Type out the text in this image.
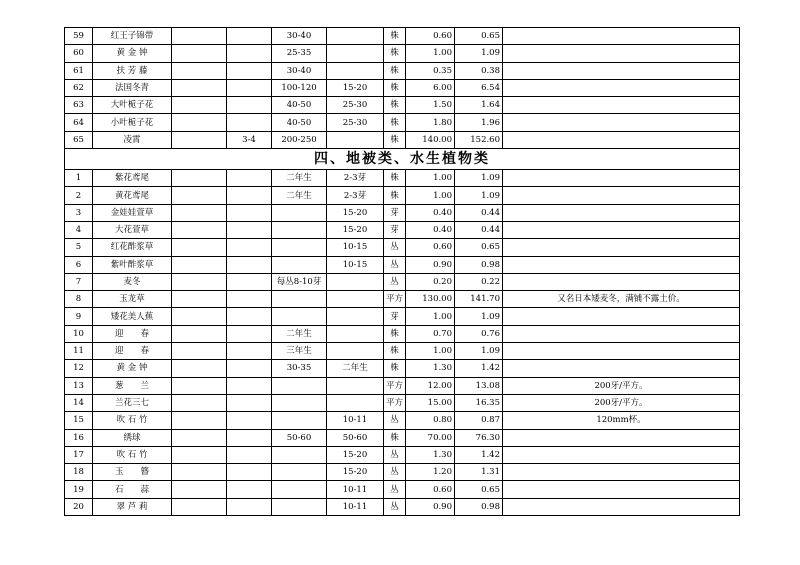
59	红王子锦带			30-40		株	0.60	0.65	
60	黄 金 钟			25-35		株	1.00	1.09	
61	扶 芳 藤			30-40		株	0.35	0.38	
62	法国冬青			100-120	15-20	株	6.00	6.54	
63	大叶栀子花			40-50	25-30	株	1.50	1.64	
64	小叶栀子花			40-50	25-30	株	1.80	1.96	
65	凌霄		3-4	200-250		株	140.00	152.60	
四、地被类、水生植物类									
1	紫花鸢尾			二年生	2-3芽	株	1.00	1.09	
2	黄花鸢尾			二年生	2-3芽	株	1.00	1.09	
3	金娃娃萱草				15-20	芽	0.40	0.44	
4	大花萱草				15-20	芽	0.40	0.44	
5	红花酢浆草				10-15	丛	0.60	0.65	
6	紫叶酢浆草				10-15	丛	0.90	0.98	
7	麦冬			每丛8-10芽		丛	0.20	0.22	
8	玉龙草					平方	130.00	141.70	又名日本矮麦冬，满铺不露土价。
9	矮花美人蕉					芽	1.00	1.09	
10	迎　　春			二年生		株	0.70	0.76	
11	迎　　春			三年生		株	1.00	1.09	
12	黄 金 钟			30-35	二年生	株	1.30	1.42	
13	葱　　兰					平方	12.00	13.08	200牙/平方。
14	兰花三七					平方	15.00	16.35	200牙/平方。
15	吹 石 竹				10-11	丛	0.80	0.87	120mm杯。
16	绣球			50-60	50-60	株	70.00	76.30	
17	吹 石 竹				15-20	丛	1.30	1.42	
18	玉　　簪				15-20	丛	1.20	1.31	
19	石　　蒜				10-11	丛	0.60	0.65	
20	翠 芦 莉				10-11	丛	0.90	0.98	
